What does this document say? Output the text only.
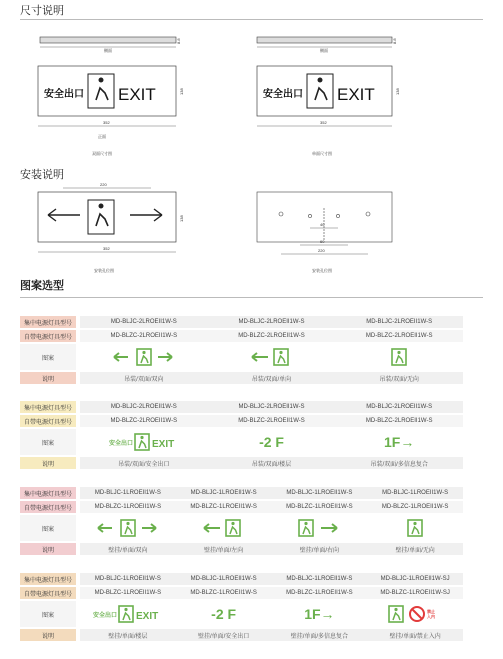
尺寸说明
安装说明
图案选型
侧面
8.8
安全出口 EXIT
352
正面
138
双面尺寸图
侧面
8.8
安全出口 EXIT
352
138
单面尺寸图
220
352
138
安装孔位图
40
60
220
安装孔位图
集中电源灯具型号	MD-BLJC-2LROEII1W-S	MD-BLJC-2LROEII1W-S	MD-BLJC-2LROEII1W-S
自带电源灯具型号	MD-BLZC-2LROEII1W-S	MD-BLZC-2LROEII1W-S	MD-BLZC-2LROEII1W-S
图案
说明	吊装/双面/双向	吊装/双面/单向	吊装/双面/无向
集中电源灯具型号	MD-BLJC-2LROEII1W-S	MD-BLJC-2LROEII1W-S	MD-BLJC-2LROEII1W-S
自带电源灯具型号	MD-BLZC-2LROEII1W-S	MD-BLZC-2LROEII1W-S	MD-BLZC-2LROEII1W-S
图案	安全出口 EXIT	-2 F	1F→
说明	吊装/双面/安全出口	吊装/双面/楼层	吊装/双面/多信息复合
集中电源灯具型号	MD-BLJC-1LROEII1W-S	MD-BLJC-1LROEII1W-S	MD-BLJC-1LROEII1W-S	MD-BLJC-1LROEII1W-S
自带电源灯具型号	MD-BLZC-1LROEII1W-S	MD-BLZC-1LROEII1W-S	MD-BLZC-1LROEII1W-S	MD-BLZC-1LROEII1W-S
图案
说明	壁挂/单面/双向	壁挂/单面/左向	壁挂/单面/右向	壁挂/单面/无向
集中电源灯具型号	MD-BLJC-1LROEII1W-S	MD-BLJC-1LROEII1W-S	MD-BLJC-1LROEII1W-S	MD-BLJC-1LROEII1W-SJ
自带电源灯具型号	MD-BLZC-1LROEII1W-S	MD-BLZC-1LROEII1W-S	MD-BLZC-1LROEII1W-S	MD-BLZC-1LROEII1W-SJ
图案	安全出口 EXIT	-2 F	1F→	禁止
入内
说明	壁挂/单面/楼层	壁挂/单面/安全出口	壁挂/单面/多信息复合	壁挂/单面/禁止入内
